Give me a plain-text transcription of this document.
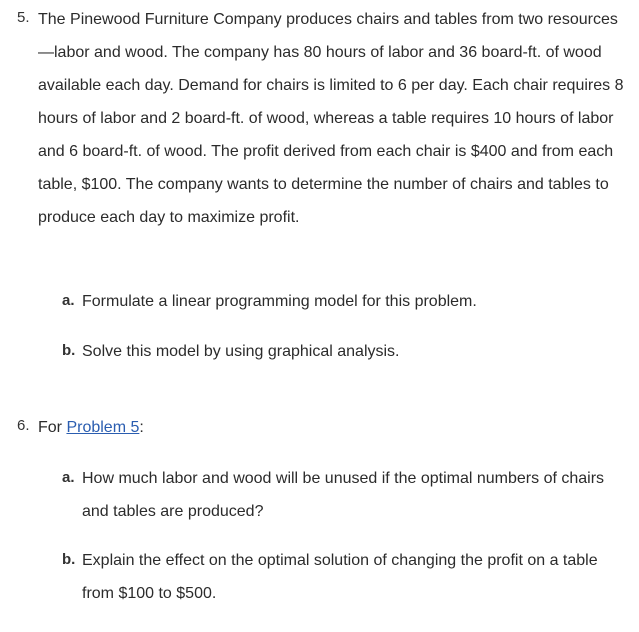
5. The Pinewood Furniture Company produces chairs and tables from two resources—labor and wood. The company has 80 hours of labor and 36 board-ft. of wood available each day. Demand for chairs is limited to 6 per day. Each chair requires 8 hours of labor and 2 board-ft. of wood, whereas a table requires 10 hours of labor and 6 board-ft. of wood. The profit derived from each chair is $400 and from each table, $100. The company wants to determine the number of chairs and tables to produce each day to maximize profit.
a. Formulate a linear programming model for this problem.
b. Solve this model by using graphical analysis.
6. For Problem 5:
a. How much labor and wood will be unused if the optimal numbers of chairs and tables are produced?
b. Explain the effect on the optimal solution of changing the profit on a table from $100 to $500.
